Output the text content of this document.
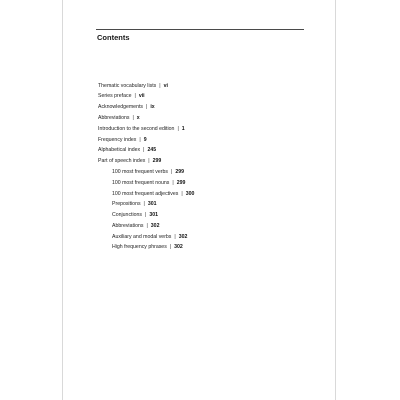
Contents
Thematic vocabulary lists | vi
Series preface | vii
Acknowledgements | ix
Abbreviations | x
Introduction to the second edition | 1
Frequency index | 9
Alphabetical index | 245
Part of speech index | 299
100 most frequent verbs | 299
100 most frequent nouns | 299
100 most frequent adjectives | 300
Prepositions | 301
Conjunctions | 301
Abbreviations | 302
Auxiliary and modal verbs | 302
High frequency phrases | 302
